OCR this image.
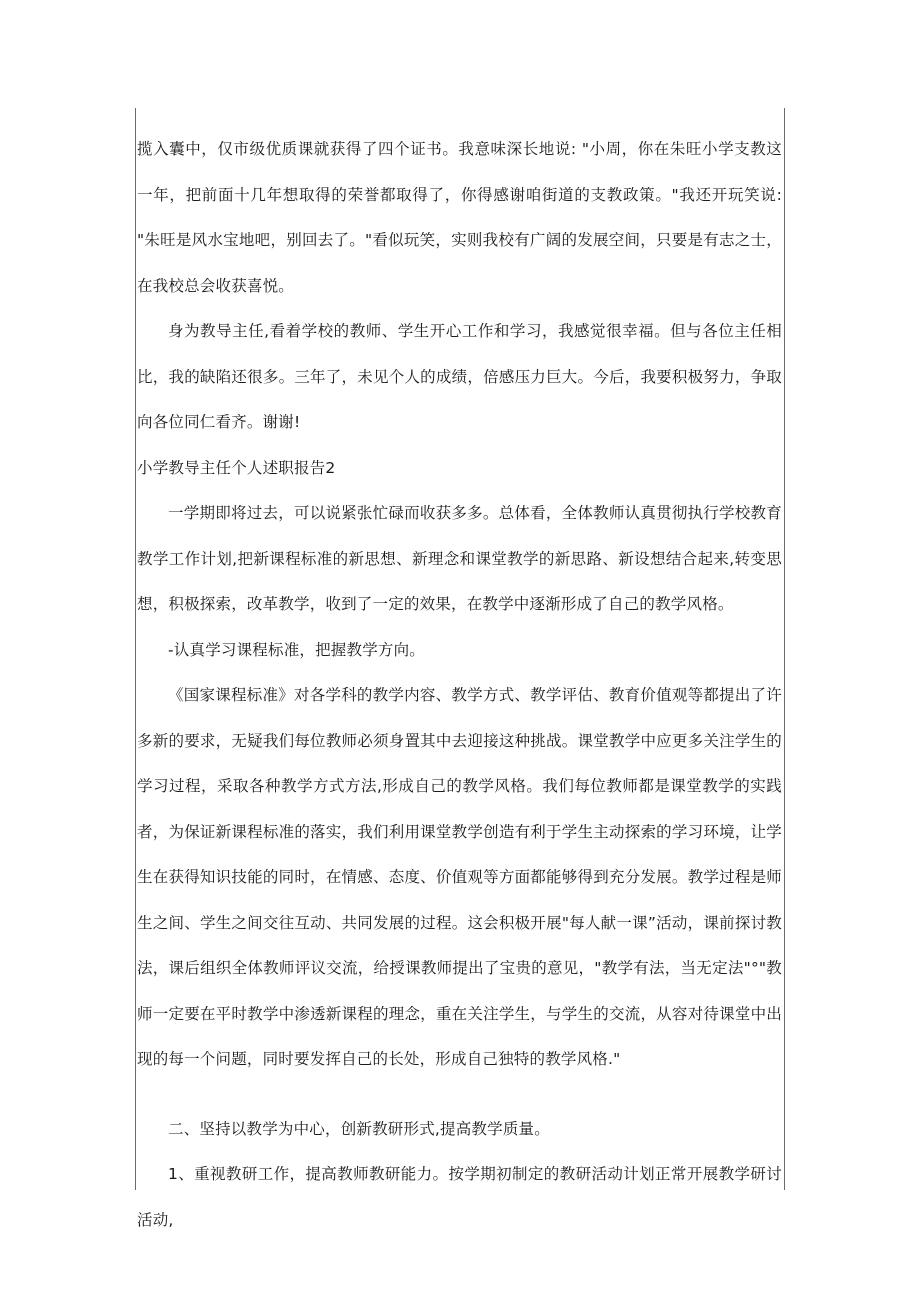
揽入囊中，仅市级优质课就获得了四个证书。我意味深长地说: "小周，你在朱旺小学支教这一年，把前面十几年想取得的荣誉都取得了，你得感谢咱街道的支教政策。"我还开玩笑说: "朱旺是风水宝地吧，别回去了。"看似玩笑，实则我校有广阔的发展空间，只要是有志之士，在我校总会收获喜悦。

身为教导主任,看着学校的教师、学生开心工作和学习，我感觉很幸福。但与各位主任相比，我的缺陷还很多。三年了，未见个人的成绩，倍感压力巨大。今后，我要积极努力，争取向各位同仁看齐。谢谢!

小学教导主任个人述职报告2

一学期即将过去，可以说紧张忙碌而收获多多。总体看，全体教师认真贯彻执行学校教育教学工作计划,把新课程标准的新思想、新理念和课堂教学的新思路、新设想结合起来,转变思想，积极探索，改革教学，收到了一定的效果，在教学中逐渐形成了自己的教学风格。

-认真学习课程标准，把握教学方向。

《国家课程标准》对各学科的教学内容、教学方式、教学评估、教育价值观等都提出了许多新的要求，无疑我们每位教师必须身置其中去迎接这种挑战。课堂教学中应更多关注学生的学习过程，采取各种教学方式方法,形成自己的教学风格。我们每位教师都是课堂教学的实践者，为保证新课程标准的落实，我们利用课堂教学创造有利于学生主动探索的学习环境，让学生在获得知识技能的同时，在情感、态度、价值观等方面都能够得到充分发展。教学过程是师生之间、学生之间交往互动、共同发展的过程。这会积极开展"每人献一课”活动，课前探讨教法，课后组织全体教师评议交流，给授课教师提出了宝贵的意见，"教学有法，当无定法"°"教师一定要在平时教学中渗透新课程的理念，重在关注学生，与学生的交流，从容对待课堂中出现的每一个问题，同时要发挥自己的长处，形成自己独特的教学风格."

二、坚持以教学为中心，创新教研形式,提高教学质量。

1、重视教研工作，提高教师教研能力。按学期初制定的教研活动计划正常开展教学研讨活动,
